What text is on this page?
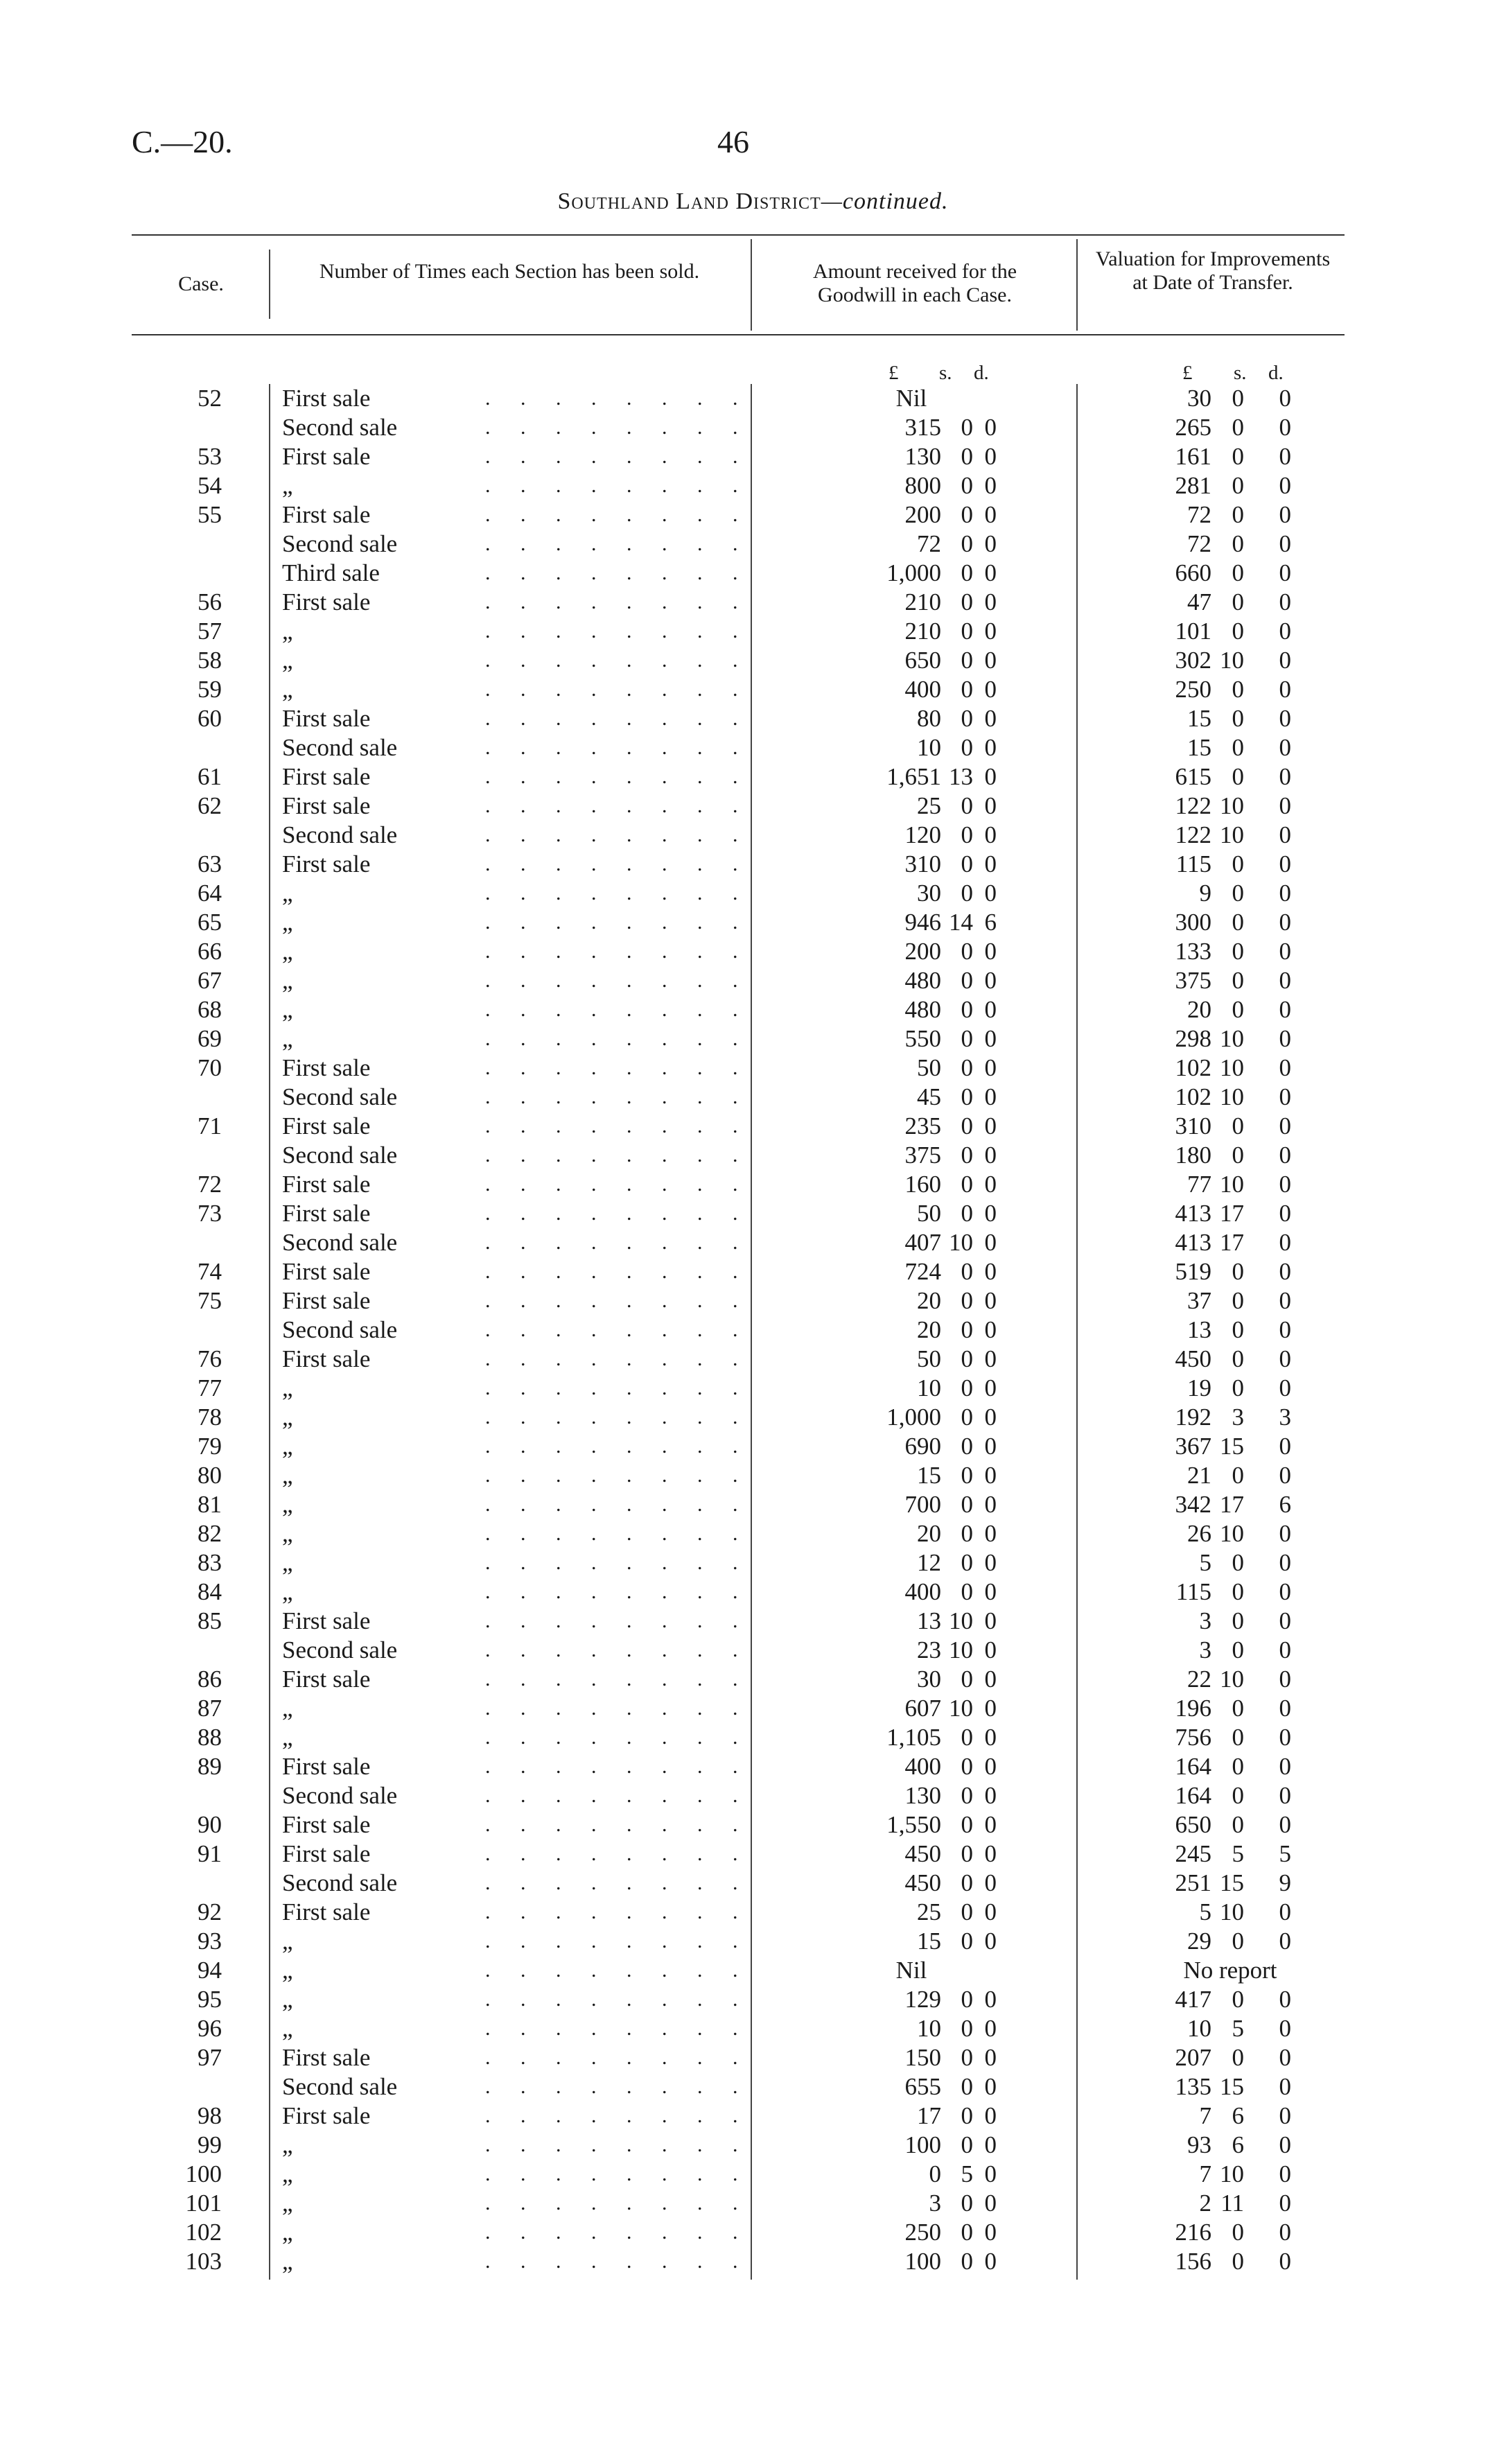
C.—20.	46
Southland Land District—continued.
Case.
Number of Times each Section has been sold.	Amount received for the Goodwill in each Case.
Valuation for Improvements at Date of Transfer.
£ s. d.	£ s. d.
52 First sale	. . . . . . . .	Nil	30 0 0
Second sale	. . . . . . . .	315 0 0	265 0 0
53 First sale	. . . . . . . .	130 0 0	161 0 0
54 „	. . . . . . . .	800 0 0	281 0 0
55 First sale	. . . . . . . .	200 0 0	72 0 0
Second sale	. . . . . . . .	72 0 0	72 0 0
Third sale	. . . . . . . .	1,000 0 0	660 0 0
56 First sale	. . . . . . . .	210 0 0	47 0 0
57 „	. . . . . . . .	210 0 0	101 0 0
58 „	. . . . . . . .	650 0 0	302 10 0
59 „	. . . . . . . .	400 0 0	250 0 0
60 First sale	. . . . . . . .	80 0 0	15 0 0
Second sale	. . . . . . . .	10 0 0	15 0 0
61 First sale	. . . . . . . .	1,651 13 0	615 0 0
62 First sale	. . . . . . . .	25 0 0	122 10 0
Second sale	. . . . . . . .	120 0 0	122 10 0
63 First sale	. . . . . . . .	310 0 0	115 0 0
64 „	. . . . . . . .	30 0 0	9 0 0
65 „	. . . . . . . .	946 14 6	300 0 0
66 „	. . . . . . . .	200 0 0	133 0 0
67 „	. . . . . . . .	480 0 0	375 0 0
68 „	. . . . . . . .	480 0 0	20 0 0
69 „	. . . . . . . .	550 0 0	298 10 0
70 First sale	. . . . . . . .	50 0 0	102 10 0
Second sale	. . . . . . . .	45 0 0	102 10 0
71 First sale	. . . . . . . .	235 0 0	310 0 0
Second sale	. . . . . . . .	375 0 0	180 0 0
72 First sale	. . . . . . . .	160 0 0	77 10 0
73 First sale	. . . . . . . .	50 0 0	413 17 0
Second sale	. . . . . . . .	407 10 0	413 17 0
74 First sale	. . . . . . . .	724 0 0	519 0 0
75 First sale	. . . . . . . .	20 0 0	37 0 0
Second sale	. . . . . . . .	20 0 0	13 0 0
76 First sale	. . . . . . . .	50 0 0	450 0 0
77 „	. . . . . . . .	10 0 0	19 0 0
78 „	. . . . . . . .	1,000 0 0	192 3 3
79 „	. . . . . . . .	690 0 0	367 15 0
80 „	. . . . . . . .	15 0 0	21 0 0
81 „	. . . . . . . .	700 0 0	342 17 6
82 „	. . . . . . . .	20 0 0	26 10 0
83 „	. . . . . . . .	12 0 0	5 0 0
84 „	. . . . . . . .	400 0 0	115 0 0
85 First sale	. . . . . . . .	13 10 0	3 0 0
Second sale	. . . . . . . .	23 10 0	3 0 0
86 First sale	. . . . . . . .	30 0 0	22 10 0
87 „	. . . . . . . .	607 10 0	196 0 0
88 „	. . . . . . . .	1,105 0 0	756 0 0
89 First sale	. . . . . . . .	400 0 0	164 0 0
Second sale	. . . . . . . .	130 0 0	164 0 0
90 First sale	. . . . . . . .	1,550 0 0	650 0 0
91 First sale	. . . . . . . .	450 0 0	245 5 5
Second sale	. . . . . . . .	450 0 0	251 15 9
92 First sale	. . . . . . . .	25 0 0	5 10 0
93 „	. . . . . . . .	15 0 0	29 0 0
94 „	. . . . . . . .	Nil	No report
95 „	. . . . . . . .	129 0 0	417 0 0
96 „	. . . . . . . .	10 0 0	10 5 0
97 First sale	. . . . . . . .	150 0 0	207 0 0
Second sale	. . . . . . . .	655 0 0	135 15 0
98 First sale	. . . . . . . .	17 0 0	7 6 0
99 „	. . . . . . . .	100 0 0	93 6 0
100 „	. . . . . . . .	0 5 0	7 10 0
101 „	. . . . . . . .	3 0 0	2 11 0
102 „	. . . . . . . .	250 0 0	216 0 0
103 „	. . . . . . . .	100 0 0	156 0 0
